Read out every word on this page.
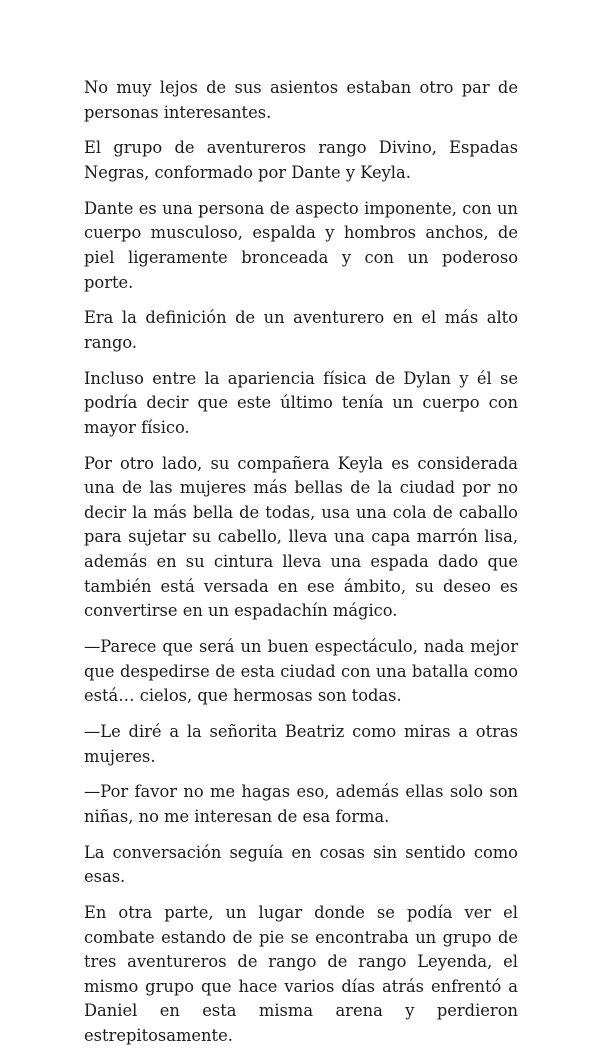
No muy lejos de sus asientos estaban otro par de personas interesantes.

El grupo de aventureros rango Divino, Espadas Negras, conformado por Dante y Keyla.

Dante es una persona de aspecto imponente, con un cuerpo musculoso, espalda y hombros anchos, de piel ligeramente bronceada y con un poderoso porte.

Era la definición de un aventurero en el más alto rango.

Incluso entre la apariencia física de Dylan y él se podría decir que este último tenía un cuerpo con mayor físico.

Por otro lado, su compañera Keyla es considerada una de las mujeres más bellas de la ciudad por no decir la más bella de todas, usa una cola de caballo para sujetar su cabello, lleva una capa marrón lisa, además en su cintura lleva una espada dado que también está versada en ese ámbito, su deseo es convertirse en un espadachín mágico.

—Parece que será un buen espectáculo, nada mejor que despedirse de esta ciudad con una batalla como está… cielos, que hermosas son todas.

—Le diré a la señorita Beatriz como miras a otras mujeres.

—Por favor no me hagas eso, además ellas solo son niñas, no me interesan de esa forma.

La conversación seguía en cosas sin sentido como esas.

En otra parte, un lugar donde se podía ver el combate estando de pie se encontraba un grupo de tres aventureros de rango de rango Leyenda, el mismo grupo que hace varios días atrás enfrentó a Daniel en esta misma arena y perdieron estrepitosamente.
